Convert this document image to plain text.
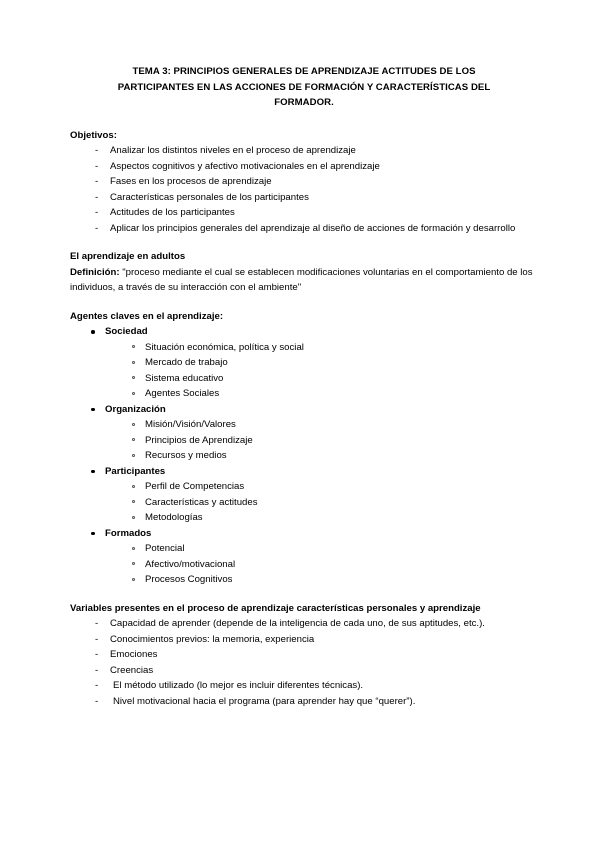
TEMA 3: PRINCIPIOS GENERALES DE APRENDIZAJE ACTITUDES DE LOS
PARTICIPANTES EN LAS ACCIONES DE FORMACIÓN Y CARACTERÍSTICAS DEL
FORMADOR.
Objetivos:
- Analizar los distintos niveles en el proceso de aprendizaje
- Aspectos cognitivos y afectivo motivacionales en el aprendizaje
- Fases en los procesos de aprendizaje
- Características personales de los participantes
- Actitudes de los participantes
- Aplicar los principios generales del aprendizaje al diseño de acciones de formación y desarrollo
El aprendizaje en adultos

Definición: "proceso mediante el cual se establecen modificaciones voluntarias en el comportamiento de los individuos, a través de su interacción con el ambiente"

Agentes claves en el aprendizaje:
Sociedad
Situación económica, política y social
Mercado de trabajo
Sistema educativo
Agentes Sociales
Organización
Misión/Visión/Valores
Principios de Aprendizaje
Recursos y medios
Participantes
Perfil de Competencias
Características y actitudes
Metodologías
Formados
Potencial
Afectivo/motivacional
Procesos Cognitivos
Variables presentes en el proceso de aprendizaje características personales y aprendizaje
- Capacidad de aprender (depende de la inteligencia de cada uno, de sus aptitudes, etc.).
- Conocimientos previos: la memoria, experiencia
- Emociones
- Creencias
- El método utilizado (lo mejor es incluir diferentes técnicas).
- Nivel motivacional hacia el programa (para aprender hay que “querer”).
